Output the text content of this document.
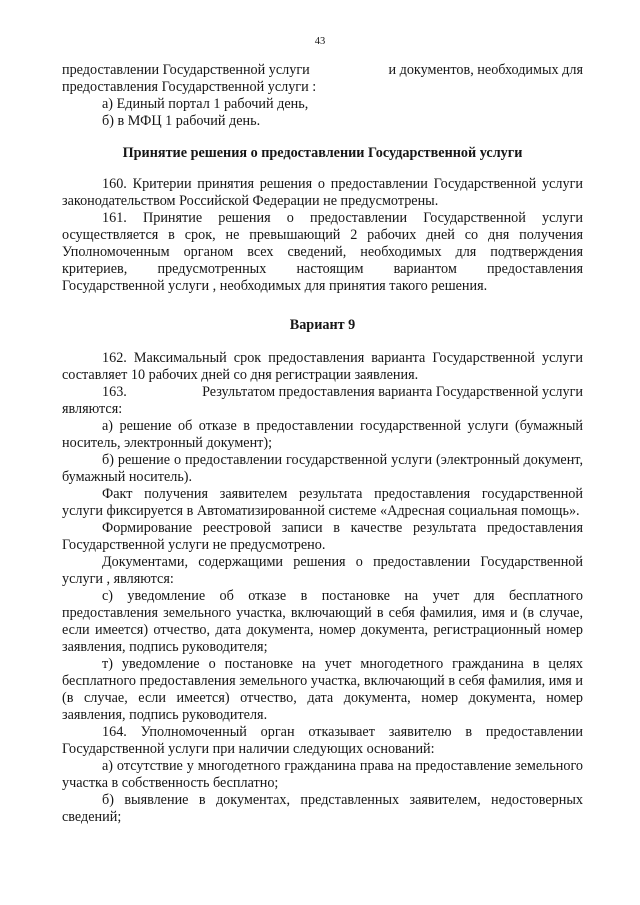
43

предоставлении Государственной услуги	и документов, необходимых для

предоставления Государственной услуги :

а) Единый портал 1 рабочий день,

б) в МФЦ 1 рабочий день.

Принятие решения о предоставлении Государственной услуги

160. Критерии принятия решения о предоставлении Государственной услуги законодательством Российской Федерации не предусмотрены.

161. Принятие решения о предоставлении Государственной услуги
осуществляется в срок, не превышающий 2 рабочих дней со дня получения
Уполномоченным органом всех сведений, необходимых для подтверждения
критериев, предусмотренных настоящим вариантом предоставления
Государственной услуги , необходимых для принятия такого решения.

Вариант 9

162. Максимальный срок предоставления варианта Государственной услуги составляет 10 рабочих дней со дня регистрации заявления.

163.	Результатом предоставления варианта Государственной услуги

являются:

а) решение об отказе в предоставлении государственной услуги (бумажный носитель, электронный документ);

б) решение о предоставлении государственной услуги (электронный документ, бумажный носитель).

Факт получения заявителем результата предоставления государственной услуги фиксируется в Автоматизированной системе «Адресная социальная помощь».

Формирование реестровой записи в качестве результата предоставления Государственной услуги не предусмотрено.

Документами, содержащими решения о предоставлении Государственной услуги , являются:

с) уведомление об отказе в постановке на учет для бесплатного предоставления земельного участка, включающий в себя фамилия, имя и (в случае, если имеется) отчество, дата документа, номер документа, регистрационный номер заявления, подпись руководителя;

т) уведомление о постановке на учет многодетного гражданина в целях бесплатного предоставления земельного участка, включающий в себя фамилия, имя и (в случае, если имеется) отчество, дата документа, номер документа, номер заявления, подпись руководителя.

164. Уполномоченный орган отказывает заявителю в предоставлении Государственной услуги при наличии следующих оснований:

а) отсутствие у многодетного гражданина права на предоставление земельного участка в собственность бесплатно;

б) выявление в документах, представленных заявителем, недостоверных сведений;
